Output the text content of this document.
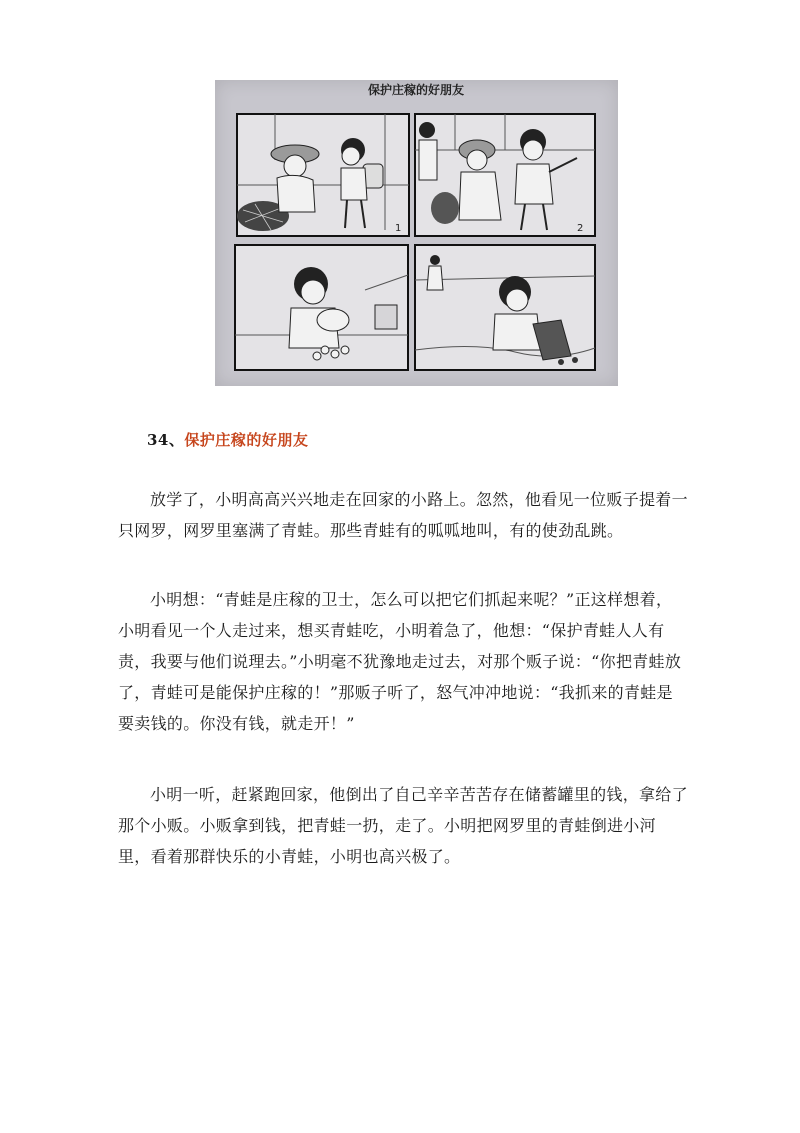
保护庄稼的好朋友
1	2
34、保护庄稼的好朋友

放学了，小明高高兴兴地走在回家的小路上。忽然，他看见一位贩子提着一只网罗，网罗里塞满了青蛙。那些青蛙有的呱呱地叫，有的使劲乱跳。

小明想：“青蛙是庄稼的卫士，怎么可以把它们抓起来呢？”正这样想着，小明看见一个人走过来，想买青蛙吃，小明着急了，他想：“保护青蛙人人有责，我要与他们说理去。”小明毫不犹豫地走过去，对那个贩子说：“你把青蛙放了，青蛙可是能保护庄稼的！”那贩子听了，怒气冲冲地说：“我抓来的青蛙是要卖钱的。你没有钱，就走开！”

小明一听，赶紧跑回家，他倒出了自己辛辛苦苦存在储蓄罐里的钱，拿给了那个小贩。小贩拿到钱，把青蛙一扔，走了。小明把网罗里的青蛙倒进小河里，看着那群快乐的小青蛙，小明也高兴极了。
